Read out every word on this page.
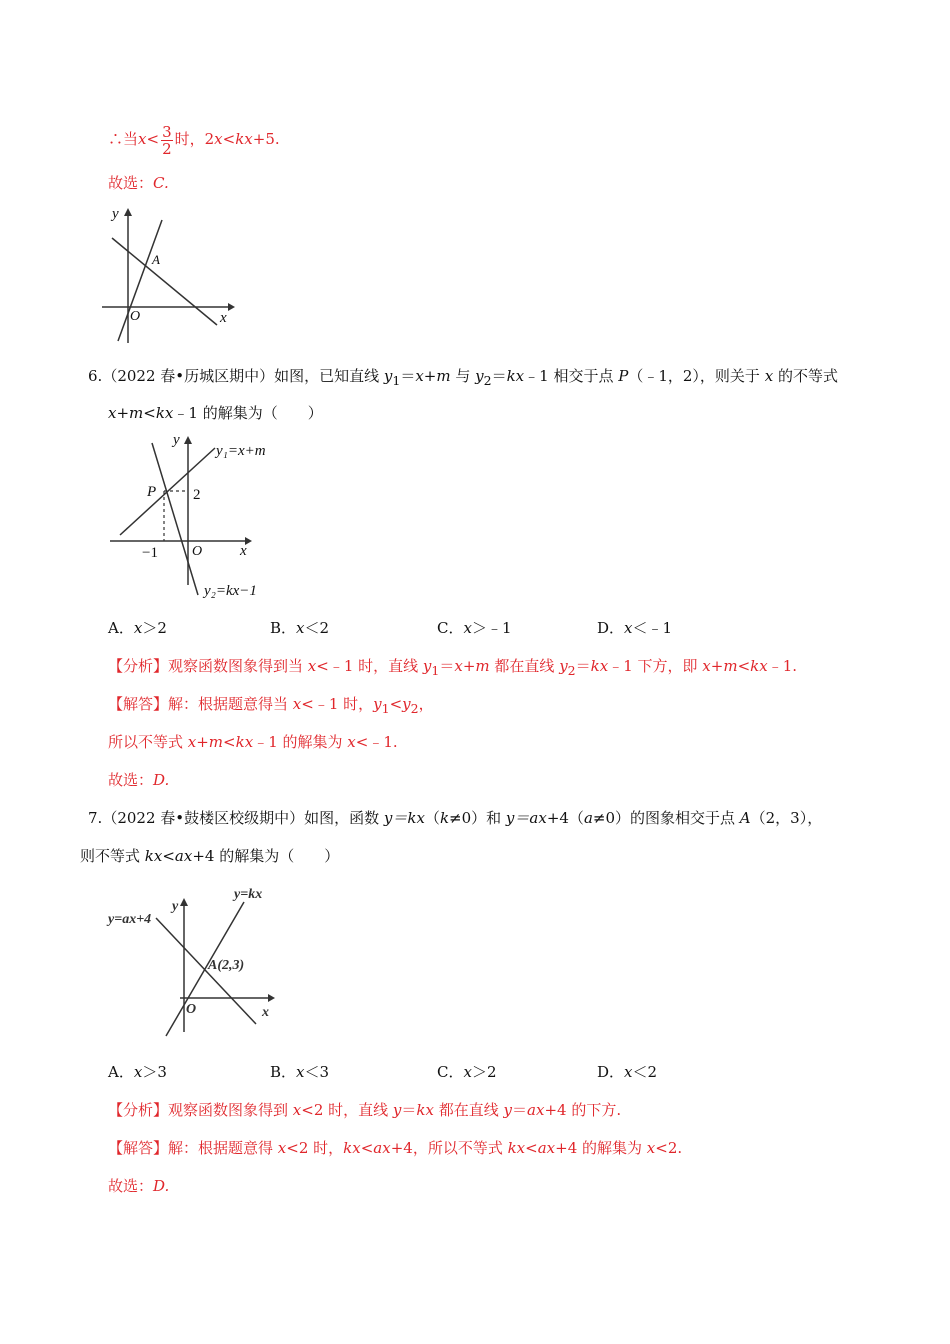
∴当$x< \frac{3}{2}$ 时，2x<kx+5.
故选：C.
y
x
O
A
6.（2022 春•历城区期中）如图，已知直线 $y_1=x+m$ 与 $y_2=kx﹣1$ 相交于点 P（﹣1，2），则关于 x 的不等式
x+m<kx﹣1 的解集为（　　）
y
x
O
P 2
−1
y₁=x+m
y₂=kx−1
A．x＞2	B．x＜2	C．x＞﹣1	D．x＜﹣1
【分析】观察函数图象得到当 x<﹣1 时，直线 $y_1=x+m$ 都在直线 $y_2=kx﹣1$ 下方，即 x+m<kx﹣1.
【解答】解：根据题意得当 x<﹣1 时，$y_1<y_2$，
所以不等式 x+m<kx﹣1 的解集为 x<﹣1.
故选：D.
7.（2022 春•鼓楼区校级期中）如图，函数 y＝kx（k≠0）和 y＝ax+4（a≠0）的图象相交于点 A（2，3），
则不等式 kx<ax+4 的解集为（　　）
y
x
O
y=kx
y=ax+4
A(2,3)
A．x＞3	B．x＜3	C．x＞2	D．x＜2
【分析】观察函数图象得到 x<2 时，直线 y＝kx 都在直线 y＝ax+4 的下方.
【解答】解：根据题意得 x<2 时，kx<ax+4，所以不等式 kx<ax+4 的解集为 x<2.
故选：D.
